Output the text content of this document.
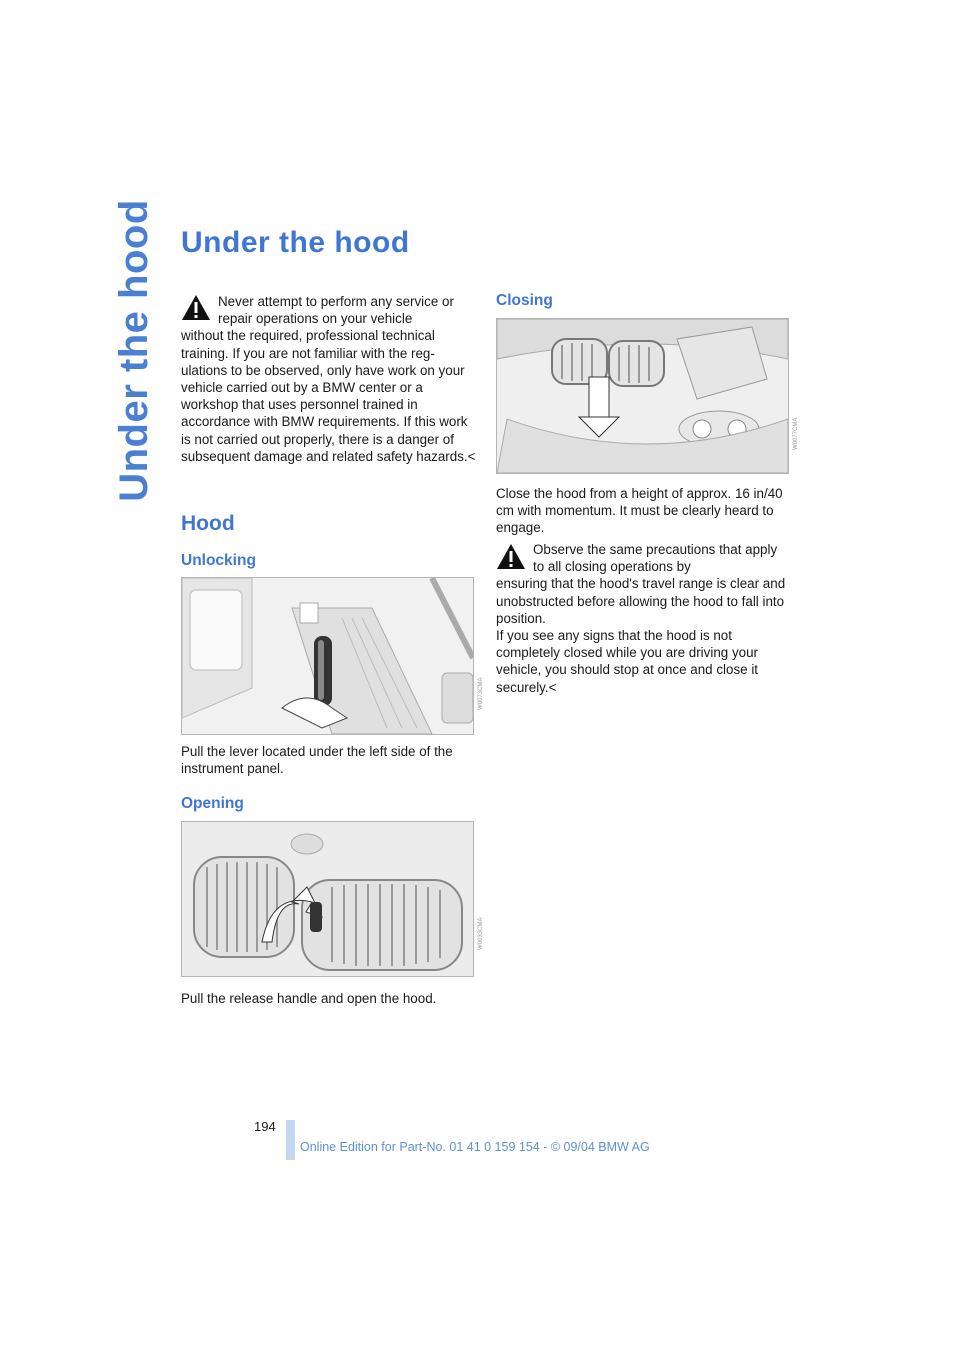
Under the hood Under the hood

Never attempt to perform any service or repair operations on your vehicle
without the required, professional technical training. If you are not familiar with the reg-ulations to be observed, only have work on your vehicle carried out by a BMW center or a workshop that uses personnel trained in accordance with BMW requirements. If this work is not carried out properly, there is a danger of subsequent damage and related safety hazards.<

Hood
Unlocking
W0073CMA

Pull the lever located under the left side of the instrument panel.

Opening
W0033CMA

Pull the release handle and open the hood.

Closing
W0077CMA

Close the hood from a height of approx. 16 in/40 cm with momentum. It must be clearly heard to engage.

Observe the same precautions that apply to all closing operations by
ensuring that the hood's travel range is clear and unobstructed before allowing the hood to fall into position.
If you see any signs that the hood is not completely closed while you are driving your vehicle, you should stop at once and close it securely.<

194
Online Edition for Part-No. 01 41 0 159 154 - © 09/04 BMW AG
